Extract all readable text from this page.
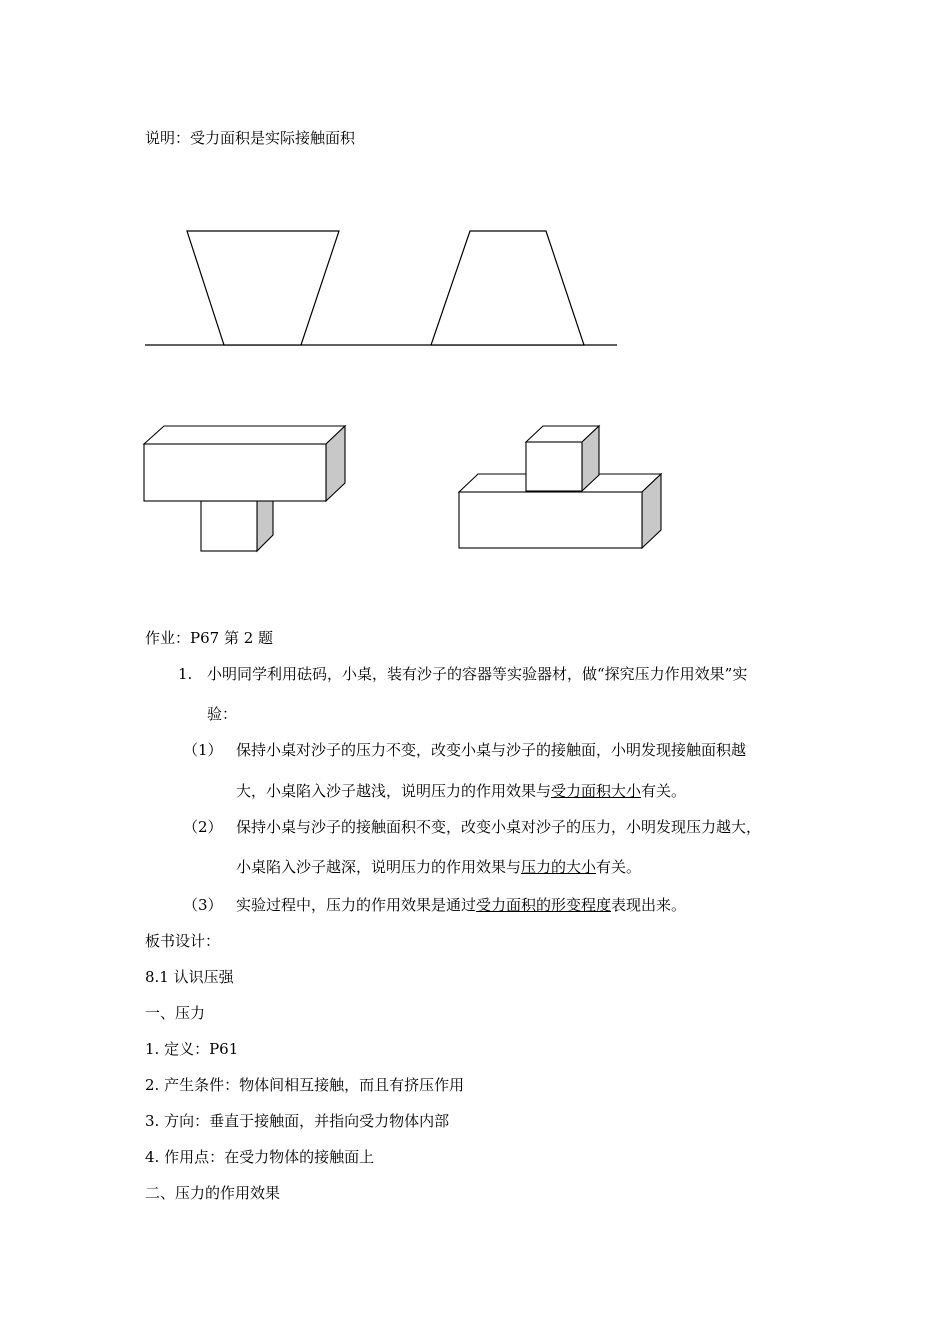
说明：受力面积是实际接触面积
作业：P67 第 2 题
1. 小明同学利用砝码，小桌，装有沙子的容器等实验器材，做“探究压力作用效果”实
验：
（1） 保持小桌对沙子的压力不变，改变小桌与沙子的接触面，小明发现接触面积越
大，小桌陷入沙子越浅，说明压力的作用效果与受力面积大小有关。
（2） 保持小桌与沙子的接触面积不变，改变小桌对沙子的压力，小明发现压力越大，
小桌陷入沙子越深，说明压力的作用效果与压力的大小有关。
（3） 实验过程中，压力的作用效果是通过受力面积的形变程度表现出来。
板书设计：
8.1 认识压强
一、压力
1. 定义：P61
2. 产生条件：物体间相互接触，而且有挤压作用
3. 方向：垂直于接触面，并指向受力物体内部
4. 作用点：在受力物体的接触面上
二、压力的作用效果
